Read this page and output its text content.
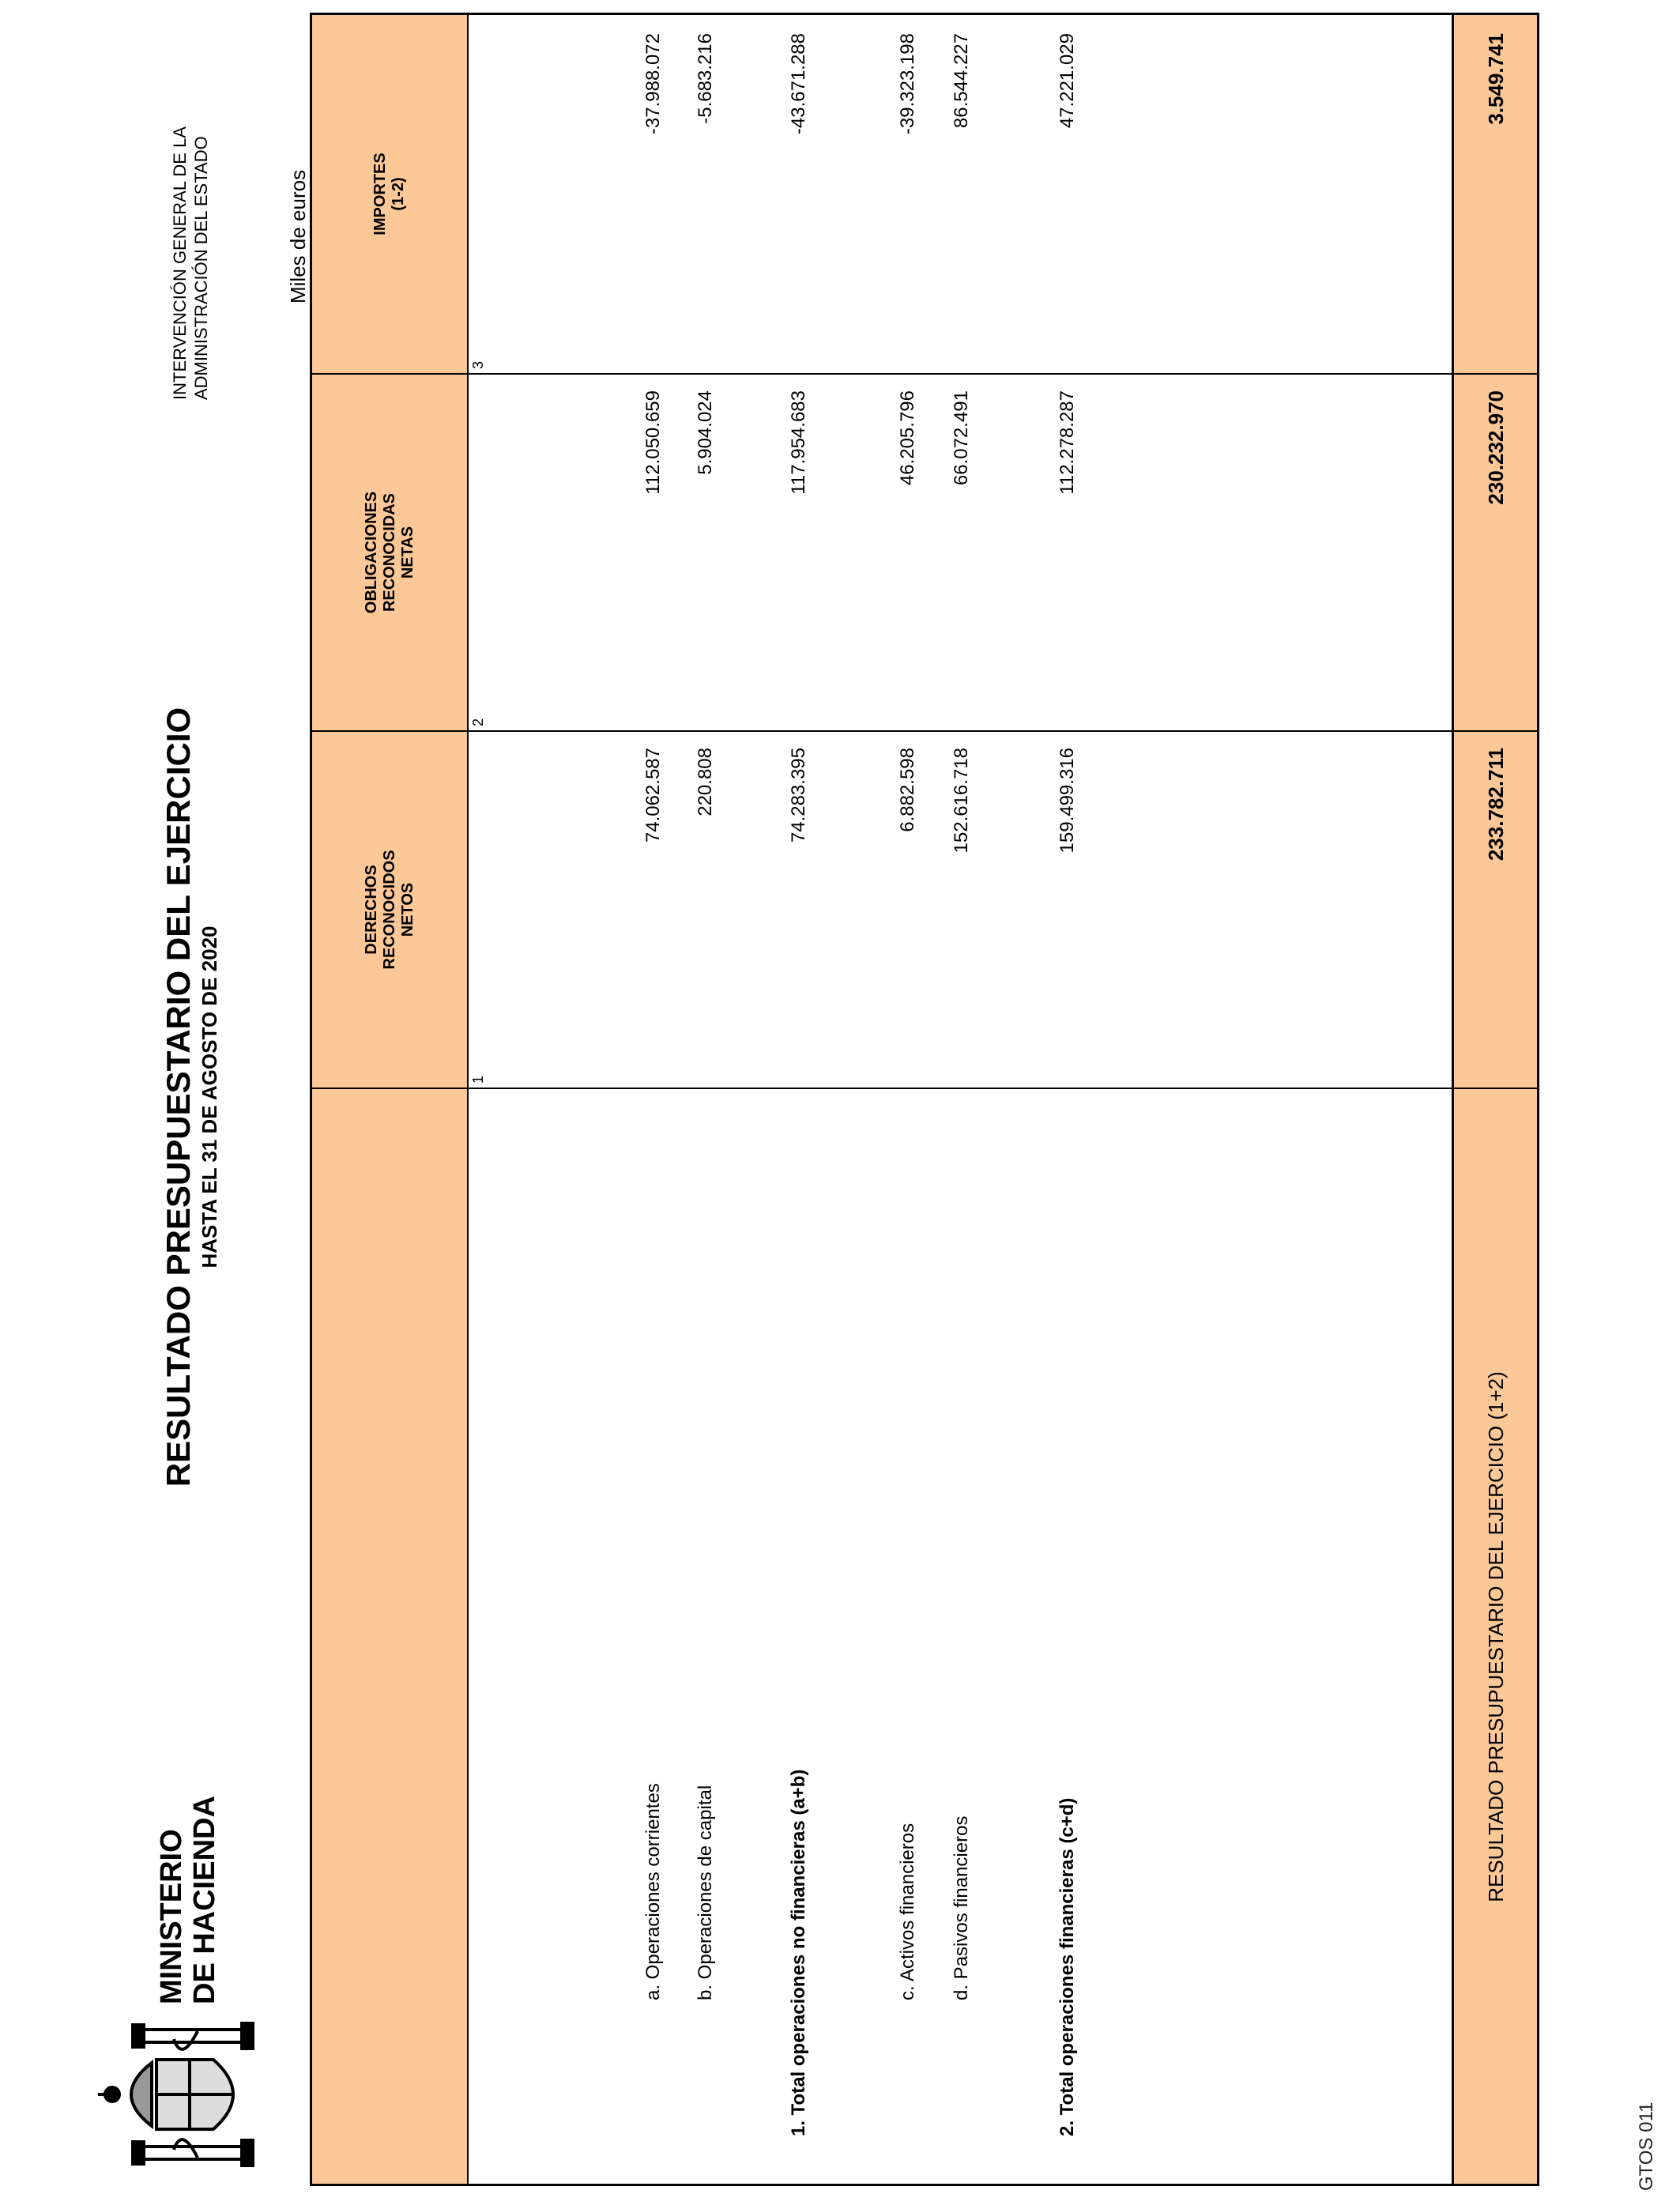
MINISTERIO DE HACIENDA
RESULTADO PRESUPUESTARIO DEL EJERCICIO HASTA EL 31 DE AGOSTO DE 2020
INTERVENCIÓN GENERAL DE LA ADMINISTRACIÓN DEL ESTADO	Miles de euros
DERECHOS RECONOCIDOS NETOS
OBLIGACIONES RECONOCIDAS NETAS
IMPORTES (1-2)
1
2
3
a. Operaciones corrientes
74.062.587
112.050.659
-37.988.072
b. Operaciones de capital
220.808
5.904.024
-5.683.216
1. Total operaciones no financieras (a+b)
74.283.395
117.954.683
-43.671.288
c. Activos financieros
6.882.598
46.205.796
-39.323.198
d. Pasivos financieros
152.616.718
66.072.491
86.544.227
2. Total operaciones financieras (c+d)
159.499.316
112.278.287
47.221.029
RESULTADO PRESUPUESTARIO DEL EJERCICIO (1+2)
233.782.711
230.232.970
3.549.741
GTOS 011
